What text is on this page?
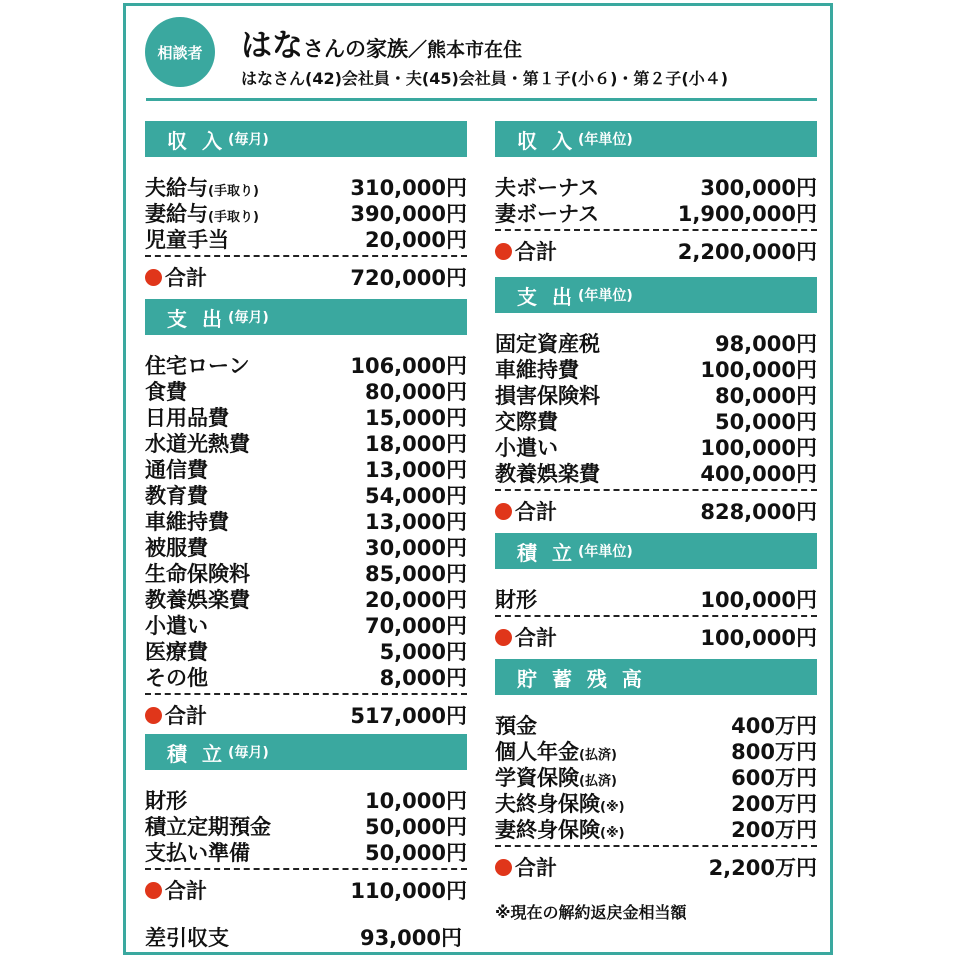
相談者	はなさんの家族／熊本市在住
はなさん(42)会社員・夫(45)会社員・第１子(小６)・第２子(小４)
収 入 (毎月)
夫給与(手取り)	310,000円
妻給与(手取り)	390,000円
児童手当	20,000円
合計	720,000円
支 出 (毎月)
住宅ローン	106,000円
食費	80,000円
日用品費	15,000円
水道光熱費	18,000円
通信費	13,000円
教育費	54,000円
車維持費	13,000円
被服費	30,000円
生命保険料	85,000円
教養娯楽費	20,000円
小遣い	70,000円
医療費	5,000円
その他	8,000円
合計	517,000円
積 立 (毎月)
財形	10,000円
積立定期預金	50,000円
支払い準備	50,000円
合計	110,000円
差引収支	93,000円
収 入 (年単位)
夫ボーナス	300,000円
妻ボーナス	1,900,000円
合計	2,200,000円
支 出 (年単位)
固定資産税	98,000円
車維持費	100,000円
損害保険料	80,000円
交際費	50,000円
小遣い	100,000円
教養娯楽費	400,000円
合計	828,000円
積 立 (年単位)
財形	100,000円
合計	100,000円
貯 蓄 残 高
預金	400万円
個人年金(払済)	800万円
学資保険(払済)	600万円
夫終身保険(※)	200万円
妻終身保険(※)	200万円
合計	2,200万円
※現在の解約返戻金相当額
